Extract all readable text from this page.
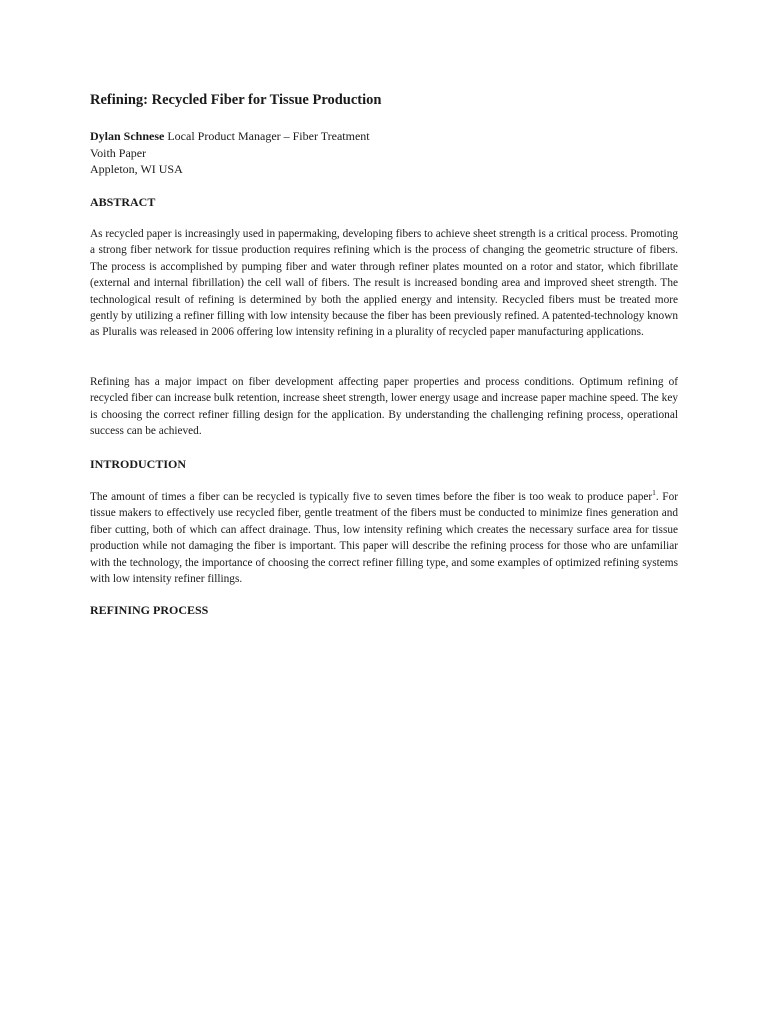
Refining: Recycled Fiber for Tissue Production
Dylan Schnese Local Product Manager – Fiber Treatment
Voith Paper
Appleton, WI USA
ABSTRACT

As recycled paper is increasingly used in papermaking, developing fibers to achieve sheet strength is a critical process. Promoting a strong fiber network for tissue production requires refining which is the process of changing the geometric structure of fibers. The process is accomplished by pumping fiber and water through refiner plates mounted on a rotor and stator, which fibrillate (external and internal fibrillation) the cell wall of fibers. The result is increased bonding area and improved sheet strength. The technological result of refining is determined by both the applied energy and intensity. Recycled fibers must be treated more gently by utilizing a refiner filling with low intensity because the fiber has been previously refined. A patented-technology known as Pluralis was released in 2006 offering low intensity refining in a plurality of recycled paper manufacturing applications.

Refining has a major impact on fiber development affecting paper properties and process conditions. Optimum refining of recycled fiber can increase bulk retention, increase sheet strength, lower energy usage and increase paper machine speed. The key is choosing the correct refiner filling design for the application. By understanding the challenging refining process, operational success can be achieved.

INTRODUCTION

The amount of times a fiber can be recycled is typically five to seven times before the fiber is too weak to produce paper$^1$. For tissue makers to effectively use recycled fiber, gentle treatment of the fibers must be conducted to minimize fines generation and fiber cutting, both of which can affect drainage. Thus, low intensity refining which creates the necessary surface area for tissue production while not damaging the fiber is important. This paper will describe the refining process for those who are unfamiliar with the technology, the importance of choosing the correct refiner filling type, and some examples of optimized refining systems with low intensity refiner fillings.

REFINING PROCESS
